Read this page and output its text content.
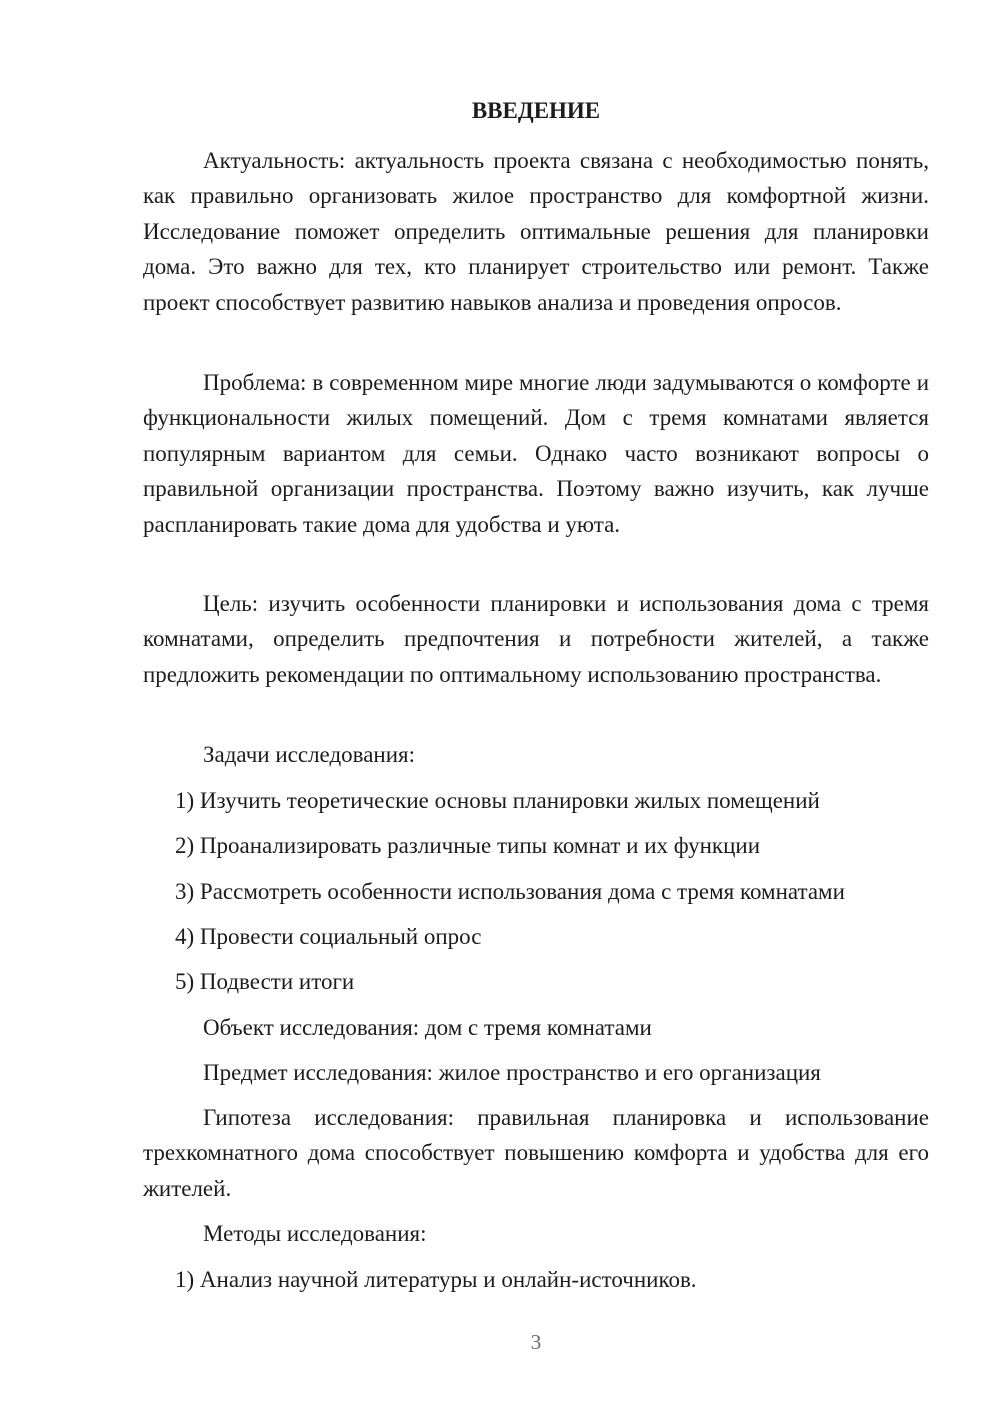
ВВЕДЕНИЕ

Актуальность: актуальность проекта связана с необходимостью понять, как правильно организовать жилое пространство для комфортной жизни. Исследование поможет определить оптимальные решения для планировки дома. Это важно для тех, кто планирует строительство или ремонт. Также проект способствует развитию навыков анализа и проведения опросов.

Проблема: в современном мире многие люди задумываются о комфорте и функциональности жилых помещений. Дом с тремя комнатами является популярным вариантом для семьи. Однако часто возникают вопросы о правильной организации пространства. Поэтому важно изучить, как лучше распланировать такие дома для удобства и уюта.

Цель: изучить особенности планировки и использования дома с тремя комнатами, определить предпочтения и потребности жителей, а также предложить рекомендации по оптимальному использованию пространства.

Задачи исследования:

1) Изучить теоретические основы планировки жилых помещений

2) Проанализировать различные типы комнат и их функции

3) Рассмотреть особенности использования дома с тремя комнатами

4) Провести социальный опрос

5) Подвести итоги

Объект исследования: дом с тремя комнатами

Предмет исследования: жилое пространство и его организация

Гипотеза исследования: правильная планировка и использование трехкомнатного дома способствует повышению комфорта и удобства для его жителей.

Методы исследования:

1) Анализ научной литературы и онлайн-источников.

3
